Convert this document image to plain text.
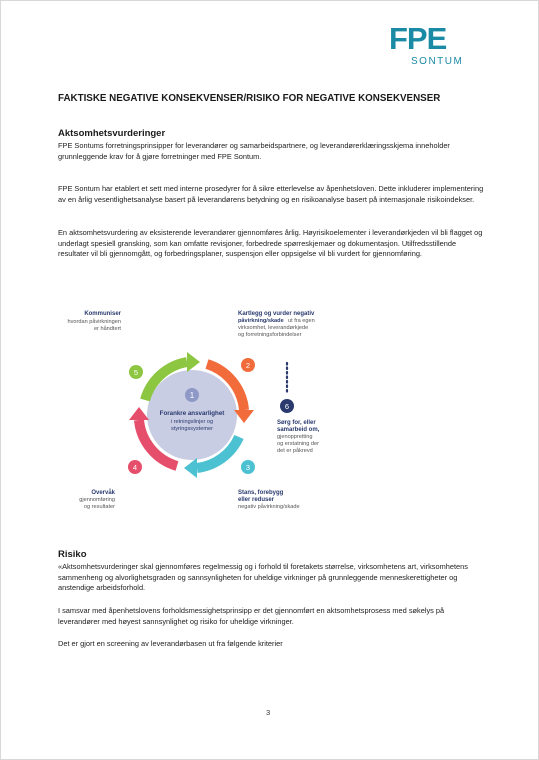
FPE
SONTUM
FAKTISKE NEGATIVE KONSEKVENSER/RISIKO FOR NEGATIVE KONSEKVENSER
Aktsomhetsvurderinger

FPE Sontums forretningsprinsipper for leverandører og samarbeidspartnere, og leverandørerklæringsskjema inneholder grunnleggende krav for å gjøre forretninger med FPE Sontum.

FPE Sontum har etablert et sett med interne prosedyrer for å sikre etterlevelse av åpenhetsloven. Dette inkluderer implementering av en årlig vesentlighetsanalyse basert på leverandørens betydning og en risikoanalyse basert på internasjonale risikoindekser.

En aktsomhetsvurdering av eksisterende leverandører gjennomføres årlig. Høyrisikoelementer i leverandørkjeden vil bli flagget og underlagt spesiell gransking, som kan omfatte revisjoner, forbedrede spørreskjemaer og dokumentasjon. Utilfredsstillende resultater vil bli gjennomgått, og forbedringsplaner, suspensjon eller oppsigelse vil bli vurdert for gjennomføring.

1
Forankre ansvarlighet
i retningslinjer og
styringssystemer
5
2
3
4
6
Kommuniser
hvordan påvirkningen
er håndtert
Kartlegg og vurder negativ
påvirkning/skade ut fra egen
virksomhet, leverandørkjede
og forretningsforbindelser
Sørg for, eller
samarbeid om,
gjenoppretting
og erstatning der
det er påkrevd
Stans, forebygg
eller reduser
negativ påvirkning/skade
Overvåk
gjennomføring
og resultater
Risiko

«Aktsomhetsvurderinger skal gjennomføres regelmessig og i forhold til foretakets størrelse, virksomhetens art, virksomhetens sammenheng og alvorlighetsgraden og sannsynligheten for uheldige virkninger på grunnleggende menneskerettigheter og anstendige arbeidsforhold.

I samsvar med åpenhetslovens forholdsmessighetsprinsipp er det gjennomført en aktsomhetsprosess med søkelys på leverandører med høyest sannsynlighet og risiko for uheldige virkninger.

Det er gjort en screening av leverandørbasen ut fra følgende kriterier

3
